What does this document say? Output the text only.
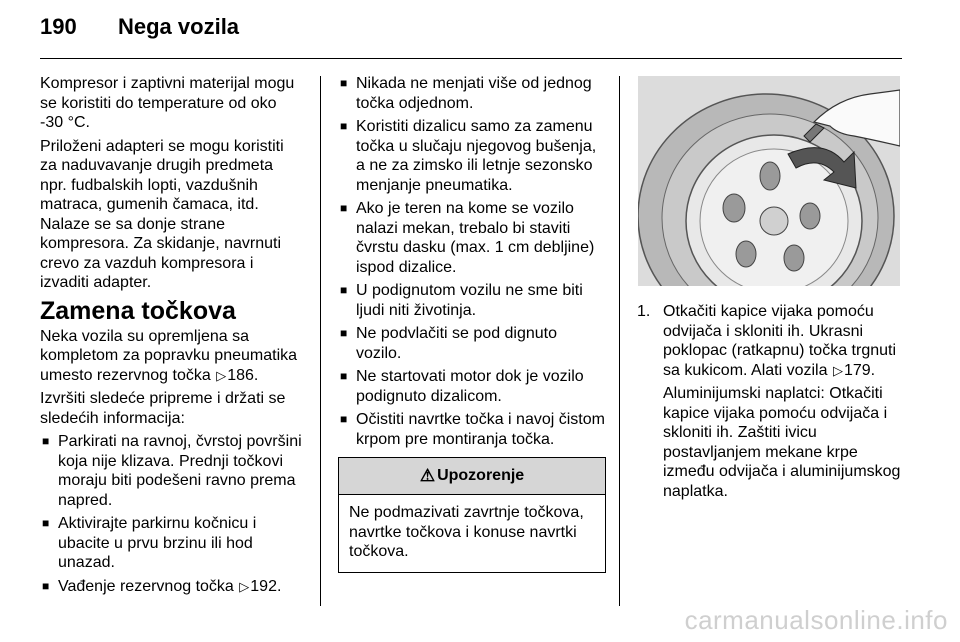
190 Nega vozila

Kompresor i zaptivni materijal mogu se koristiti do temperature od oko -30 °C.

Priloženi adapteri se mogu koristiti za naduvavanje drugih predmeta npr. fudbalskih lopti, vazdušnih matraca, gumenih čamaca, itd. Nalaze se sa donje strane kompresora. Za skidanje, navrnuti crevo za vazduh kompresora i izvaditi adapter.

Zamena točkova

Neka vozila su opremljena sa kompletom za popravku pneumatika umesto rezervnog točka ▷186.

Izvršiti sledeće pripreme i držati se sledećih informacija:

■ Parkirati na ravnoj, čvrstoj površini koja nije klizava. Prednji točkovi moraju biti podešeni ravno prema napred.
■ Aktivirajte parkirnu kočnicu i ubacite u prvu brzinu ili hod unazad.
■ Vađenje rezervnog točka ▷192.
■ Nikada ne menjati više od jednog točka odjednom.
■ Koristiti dizalicu samo za zamenu točka u slučaju njegovog bušenja, a ne za zimsko ili letnje sezonsko menjanje pneumatika.
■ Ako je teren na kome se vozilo nalazi mekan, trebalo bi staviti čvrstu dasku (max. 1 cm debljine) ispod dizalice.
■ U podignutom vozilu ne sme biti ljudi niti životinja.
■ Ne podvlačiti se pod dignuto vozilo.
■ Ne startovati motor dok je vozilo podignuto dizalicom.
■ Očistiti navrtke točka i navoj čistom krpom pre montiranja točka.
⚠ Upozorenje
Ne podmazivati zavrtnje točkova, navrtke točkova i konuse navrtki točkova.
1. Otkačiti kapice vijaka pomoću odvijača i skloniti ih. Ukrasni poklopac (ratkapnu) točka trgnuti sa kukicom. Alati vozila ▷179.

Aluminijumski naplatci: Otkačiti kapice vijaka pomoću odvijača i skloniti ih. Zaštiti ivicu postavljanjem mekane krpe između odvijača i aluminijumskog naplatka.

carmanualsonline.info
